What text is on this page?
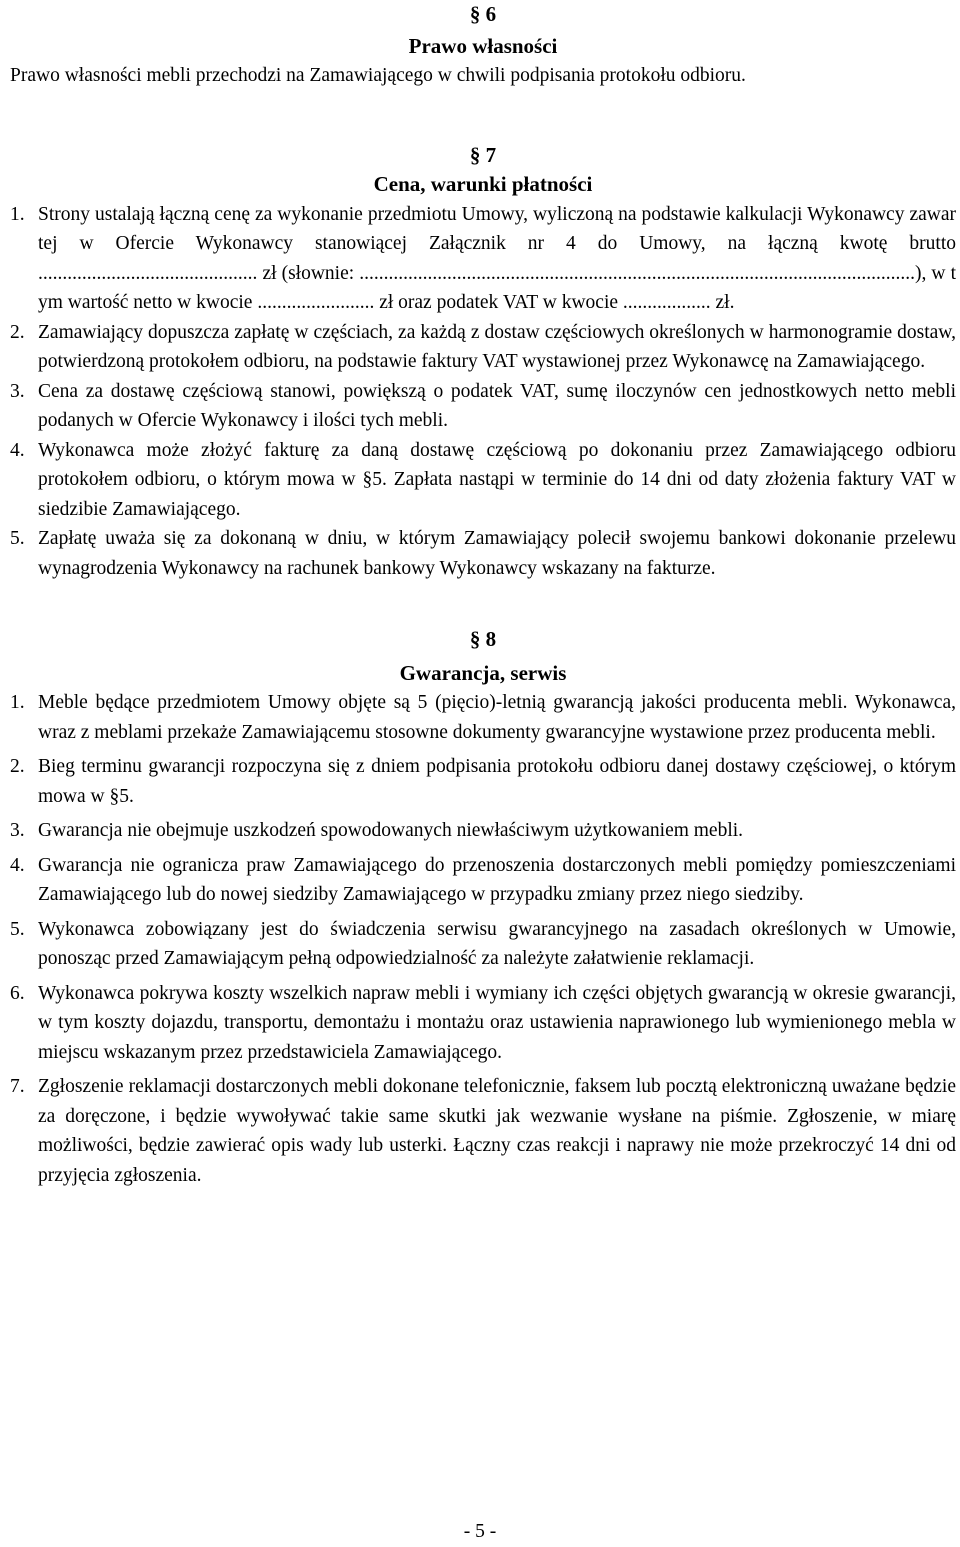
§ 6
Prawo własności

Prawo własności mebli przechodzi na Zamawiającego w chwili podpisania protokołu odbioru.

§ 7
Cena, warunki płatności
1. Strony ustalają łączną cenę za wykonanie przedmiotu Umowy, wyliczoną na podstawie kalkulacji Wykonawcy zawartej w Ofercie Wykonawcy stanowiącej Załącznik nr 4 do Umowy, na łączną kwotę brutto ............................................. zł (słownie: ..................................................................................................................), w tym wartość netto w kwocie ........................ zł oraz podatek VAT w kwocie .................. zł.
2. Zamawiający dopuszcza zapłatę w częściach, za każdą z dostaw częściowych określonych w harmonogramie dostaw, potwierdzoną protokołem odbioru, na podstawie faktury VAT wystawionej przez Wykonawcę na Zamawiającego.
3. Cena za dostawę częściową stanowi, powiększą o podatek VAT, sumę iloczynów cen jednostkowych netto mebli podanych w Ofercie Wykonawcy i ilości tych mebli.
4. Wykonawca może złożyć fakturę za daną dostawę częściową po dokonaniu przez Zamawiającego odbioru protokołem odbioru, o którym mowa w §5. Zapłata nastąpi w terminie do 14 dni od daty złożenia faktury VAT w siedzibie Zamawiającego.
5. Zapłatę uważa się za dokonaną w dniu, w którym Zamawiający polecił swojemu bankowi dokonanie przelewu wynagrodzenia Wykonawcy na rachunek bankowy Wykonawcy wskazany na fakturze.
§ 8
Gwarancja, serwis
1. Meble będące przedmiotem Umowy objęte są 5 (pięcio)-letnią gwarancją jakości producenta mebli. Wykonawca, wraz z meblami przekaże Zamawiającemu stosowne dokumenty gwarancyjne wystawione przez producenta mebli.
2. Bieg terminu gwarancji rozpoczyna się z dniem podpisania protokołu odbioru danej dostawy częściowej, o którym mowa w §5.
3. Gwarancja nie obejmuje uszkodzeń spowodowanych niewłaściwym użytkowaniem mebli.
4. Gwarancja nie ogranicza praw Zamawiającego do przenoszenia dostarczonych mebli pomiędzy pomieszczeniami Zamawiającego lub do nowej siedziby Zamawiającego w przypadku zmiany przez niego siedziby.
5. Wykonawca zobowiązany jest do świadczenia serwisu gwarancyjnego na zasadach określonych w Umowie, ponosząc przed Zamawiającym pełną odpowiedzialność za należyte załatwienie reklamacji.
6. Wykonawca pokrywa koszty wszelkich napraw mebli i wymiany ich części objętych gwarancją w okresie gwarancji, w tym koszty dojazdu, transportu, demontażu i montażu oraz ustawienia naprawionego lub wymienionego mebla w miejscu wskazanym przez przedstawiciela Zamawiającego.
7. Zgłoszenie reklamacji dostarczonych mebli dokonane telefonicznie, faksem lub pocztą elektroniczną uważane będzie za doręczone, i będzie wywoływać takie same skutki jak wezwanie wysłane na piśmie. Zgłoszenie, w miarę możliwości, będzie zawierać opis wady lub usterki. Łączny czas reakcji i naprawy nie może przekroczyć 14 dni od przyjęcia zgłoszenia.
- 5 -
